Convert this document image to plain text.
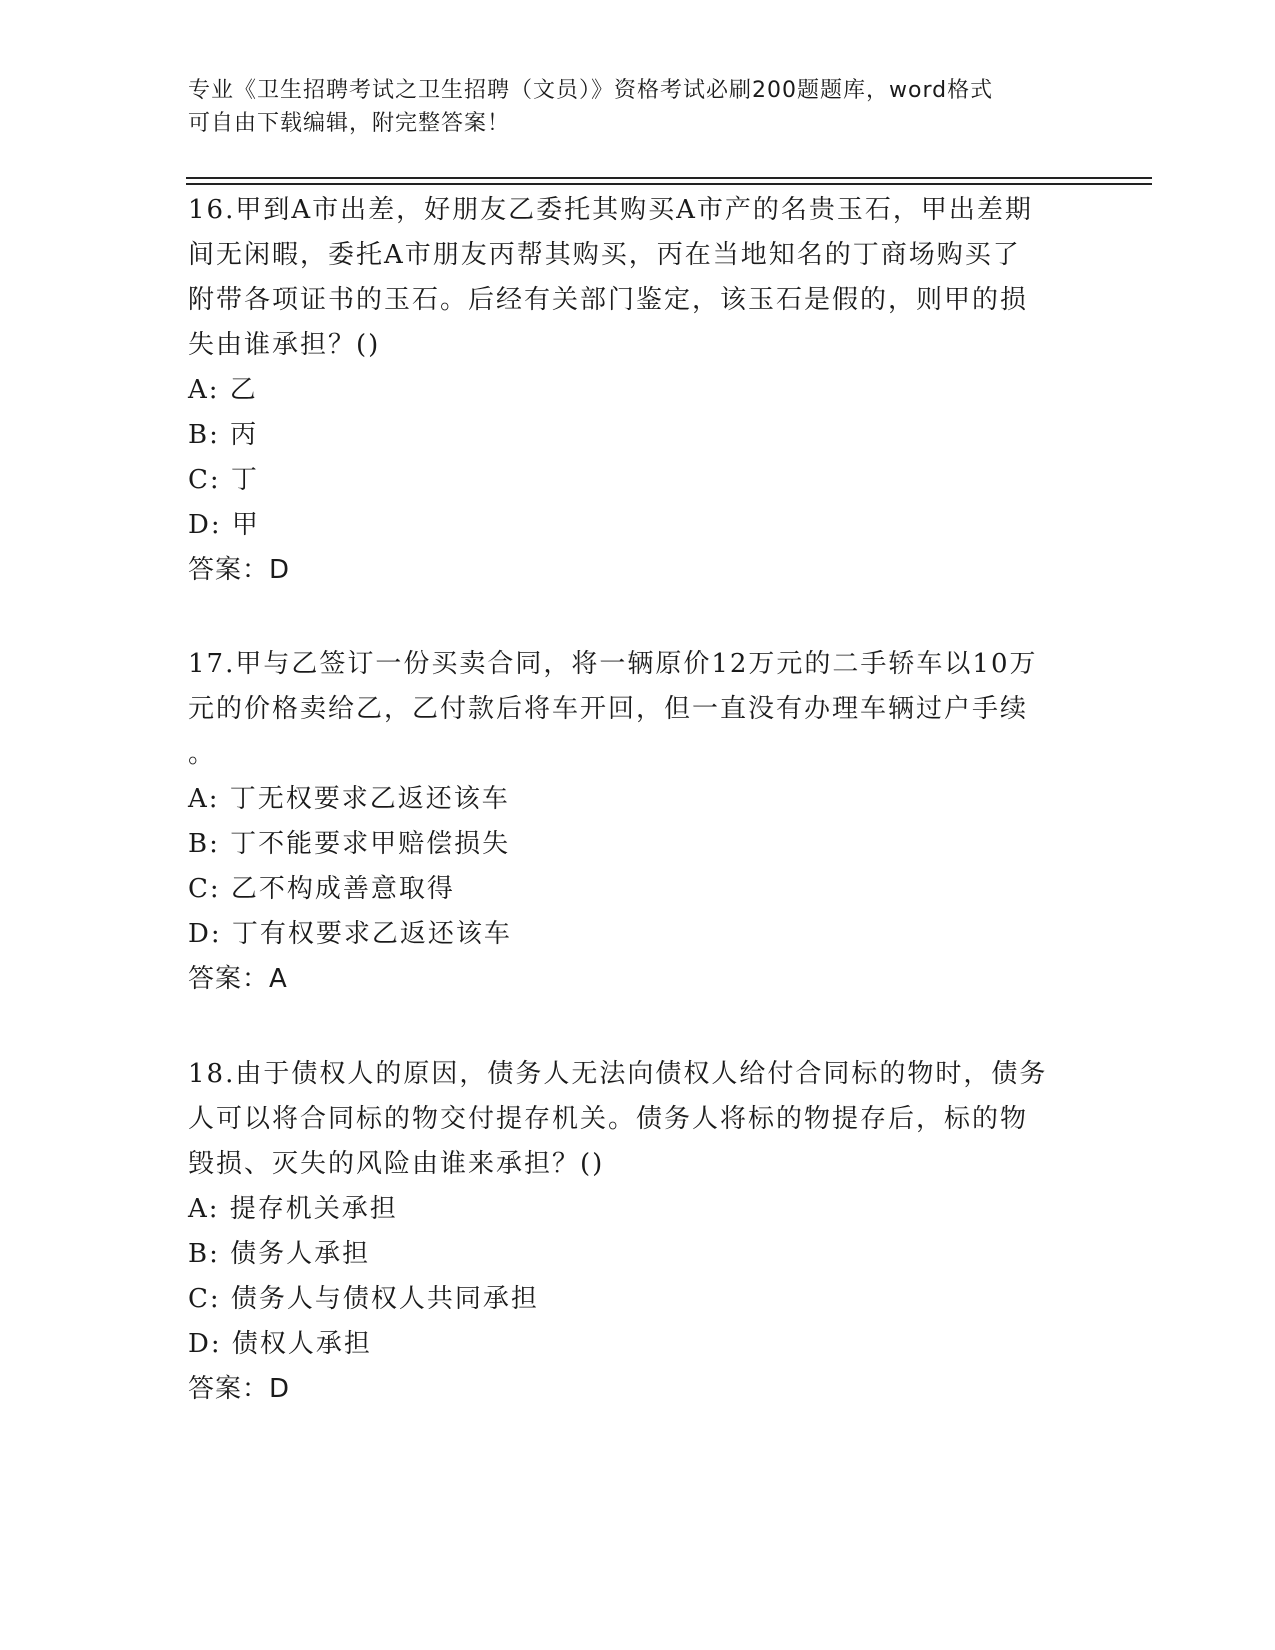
专业《卫生招聘考试之卫生招聘（文员）》资格考试必刷200题题库，word格式
可自由下载编辑，附完整答案！
16.甲到A市出差，好朋友乙委托其购买A市产的名贵玉石，甲出差期
间无闲暇，委托A市朋友丙帮其购买，丙在当地知名的丁商场购买了
附带各项证书的玉石。后经有关部门鉴定，该玉石是假的，则甲的损
失由谁承担？()
A: 乙
B: 丙
C: 丁
D: 甲
答案：D
17.甲与乙签订一份买卖合同，将一辆原价12万元的二手轿车以10万
元的价格卖给乙，乙付款后将车开回，但一直没有办理车辆过户手续
。
A: 丁无权要求乙返还该车
B: 丁不能要求甲赔偿损失
C: 乙不构成善意取得
D: 丁有权要求乙返还该车
答案：A
18.由于债权人的原因，债务人无法向债权人给付合同标的物时，债务
人可以将合同标的物交付提存机关。债务人将标的物提存后，标的物
毁损、灭失的风险由谁来承担？()
A: 提存机关承担
B: 债务人承担
C: 债务人与债权人共同承担
D: 债权人承担
答案：D
